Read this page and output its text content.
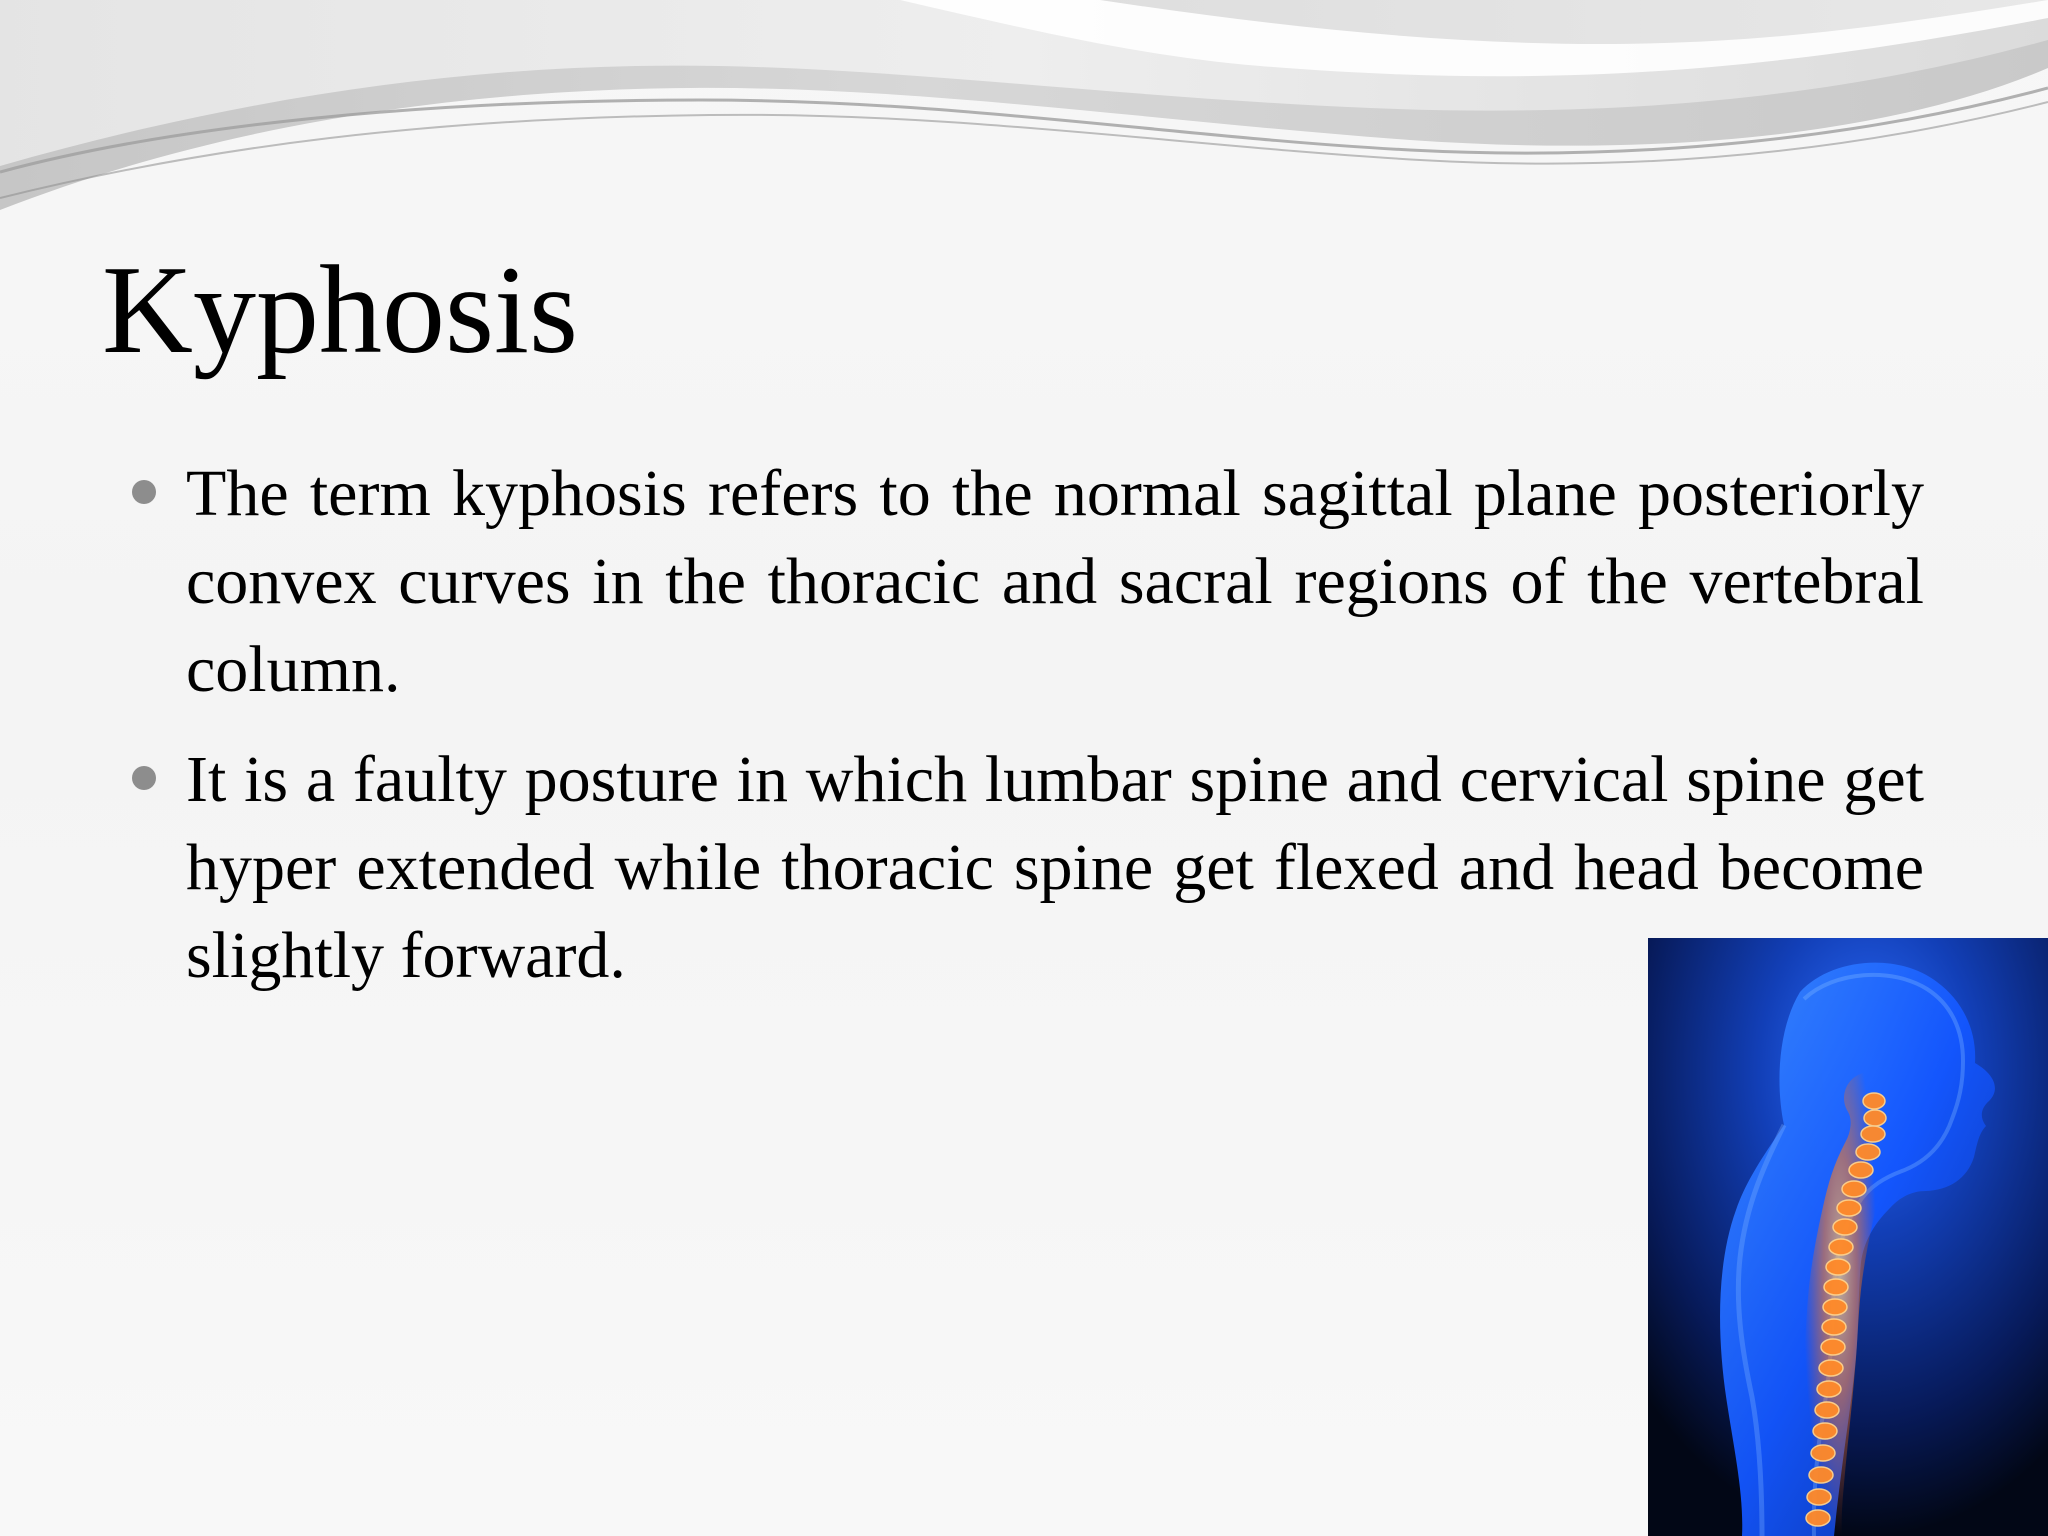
Kyphosis
The term kyphosis refers to the normal sagittal plane posteriorly convex curves in the thoracic and sacral regions of the vertebral column.
It is a faulty posture in which lumbar spine and cervical spine get hyper extended while thoracic spine get flexed and head become slightly forward.
